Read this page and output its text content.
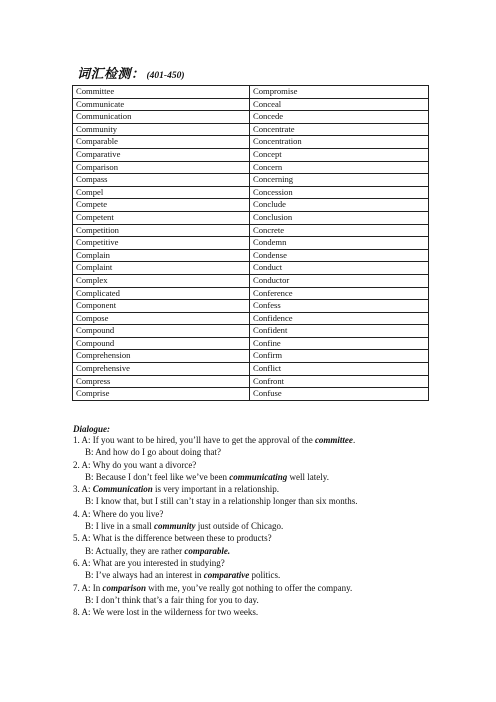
词汇检测： (401-450)
Committee	Compromise
Communicate	Conceal
Communication	Concede
Community	Concentrate
Comparable	Concentration
Comparative	Concept
Comparison	Concern
Compass	Concerning
Compel	Concession
Compete	Conclude
Competent	Conclusion
Competition	Concrete
Competitive	Condemn
Complain	Condense
Complaint	Conduct
Complex	Conductor
Complicated	Conference
Component	Confess
Compose	Confidence
Compound	Confident
Compound	Confine
Comprehension	Confirm
Comprehensive	Conflict
Compress	Confront
Comprise	Confuse
Dialogue:
1. A: If you want to be hired, you’ll have to get the approval of the committee.
B: And how do I go about doing that?
2. A: Why do you want a divorce?
B: Because I don’t feel like we’ve been communicating well lately.
3. A: Communication is very important in a relationship.
B: I know that, but I still can’t stay in a relationship longer than six months.
4. A: Where do you live?
B: I live in a small community just outside of Chicago.
5. A: What is the difference between these to products?
B: Actually, they are rather comparable.
6. A: What are you interested in studying?
B: I’ve always had an interest in comparative politics.
7. A: In comparison with me, you’ve really got nothing to offer the company.
B: I don’t think that’s a fair thing for you to day.
8. A: We were lost in the wilderness for two weeks.
